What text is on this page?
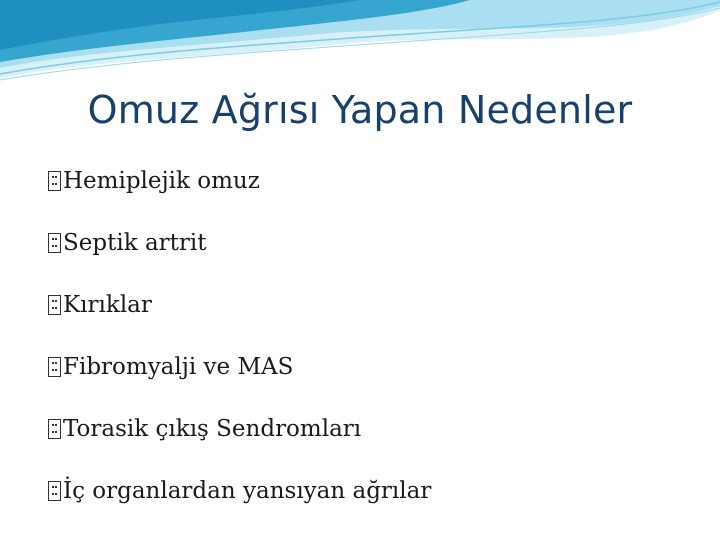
Omuz Ağrısı Yapan Nedenler
Hemiplejik omuz
Septik artrit
Kırıklar
Fibromyalji ve MAS
Torasik çıkış Sendromları
İç organlardan yansıyan ağrılar
